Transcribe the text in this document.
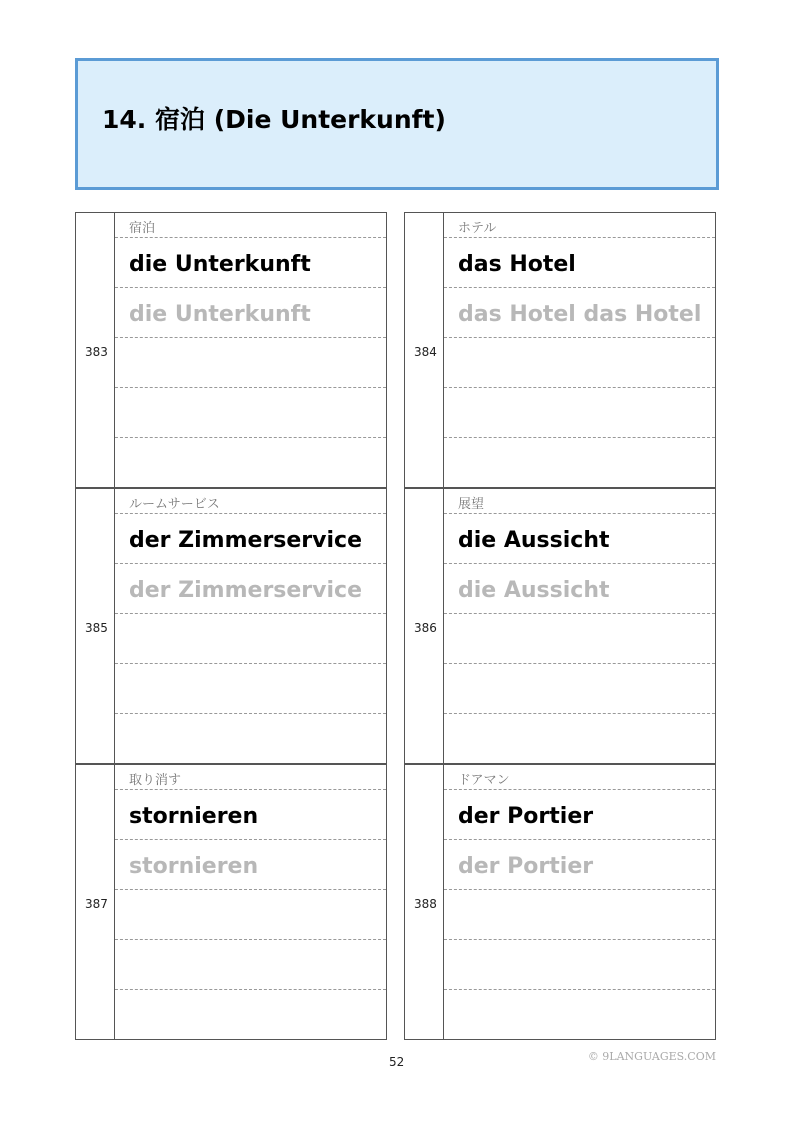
14. 宿泊 (Die Unterkunft)
383
宿泊
die Unterkunft
die Unterkunft
384
ホテル
das Hotel
das Hotel das Hotel
385
ルームサービス
der Zimmerservice
der Zimmerservice
386
展望
die Aussicht
die Aussicht
387
取り消す
stornieren
stornieren
388
ドアマン
der Portier
der Portier
52	© 9LANGUAGES.COM
